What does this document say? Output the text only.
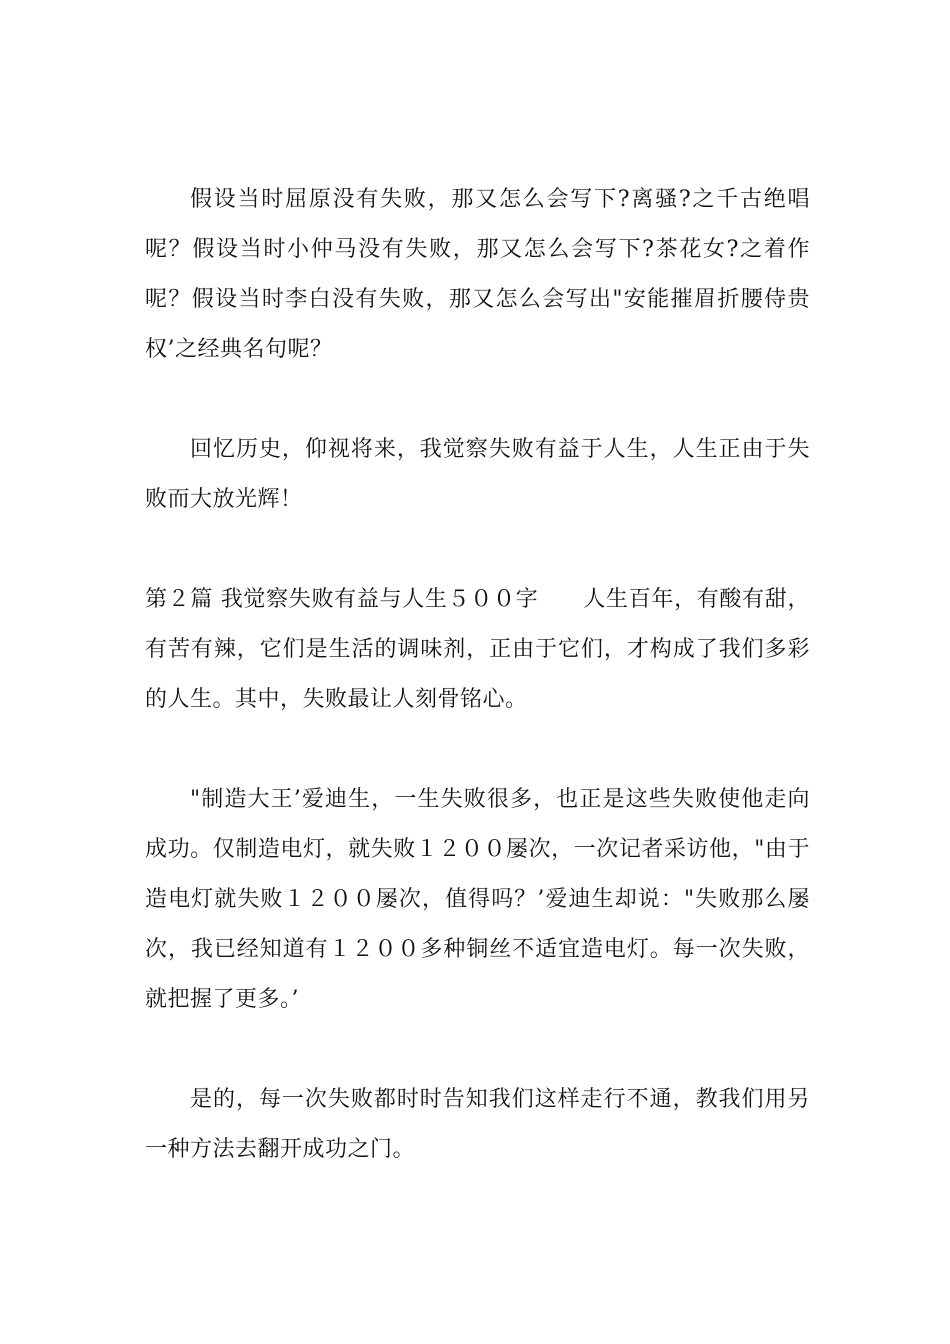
假设当时屈原没有失败，那又怎么会写下?离骚?之千古绝唱呢？假设当时小仲马没有失败，那又怎么会写下?茶花女?之着作呢？假设当时李白没有失败，那又怎么会写出"安能摧眉折腰侍贵权’之经典名句呢？

回忆历史，仰视将来，我觉察失败有益于人生，人生正由于失败而大放光辉！

第２篇 我觉察失败有益与人生５００字 人生百年，有酸有甜，有苦有辣，它们是生活的调味剂，正由于它们，才构成了我们多彩的人生。其中，失败最让人刻骨铭心。

"制造大王’爱迪生，一生失败很多，也正是这些失败使他走向成功。仅制造电灯，就失败１２００屡次，一次记者采访他，"由于造电灯就失败１２００屡次，值得吗？’爱迪生却说："失败那么屡次，我已经知道有１２００多种铜丝不适宜造电灯。每一次失败，就把握了更多。’

是的，每一次失败都时时告知我们这样走行不通，教我们用另一种方法去翻开成功之门。
